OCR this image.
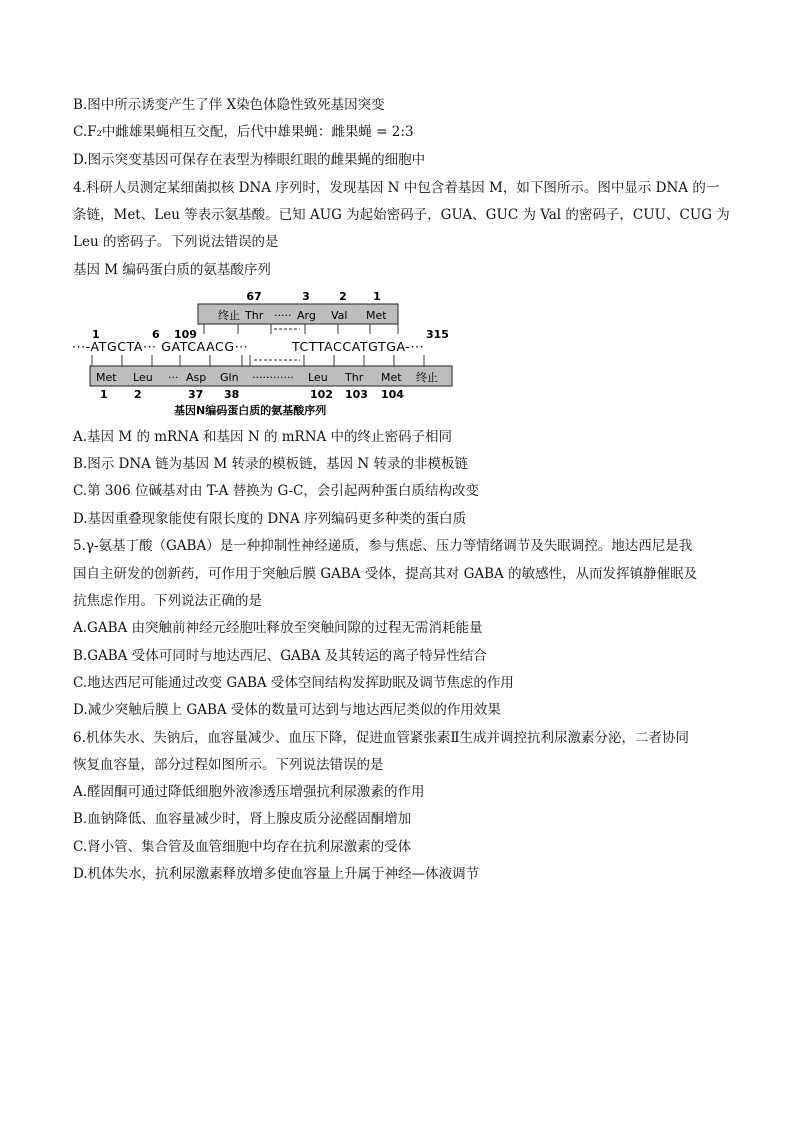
B.图中所示诱变产生了伴 X染色体隐性致死基因突变
C.F₂中雌雄果蝇相互交配，后代中雄果蝇：雌果蝇 = 2:3
D.图示突变基因可保存在表型为棒眼红眼的雌果蝇的细胞中
4.科研人员测定某细菌拟核 DNA 序列时，发现基因 N 中包含着基因 M，如下图所示。图中显示 DNA 的一
条链，Met、Leu 等表示氨基酸。已知 AUG 为起始密码子，GUA、GUC 为 Val 的密码子，CUU、CUG 为
Leu 的密码子。下列说法错误的是
基因 M 编码蛋白质的氨基酸序列
A.基因 M 的 mRNA 和基因 N 的 mRNA 中的终止密码子相同
B.图示 DNA 链为基因 M 转录的模板链，基因 N 转录的非模板链
C.第 306 位碱基对由 T-A 替换为 G-C，会引起两种蛋白质结构改变
D.基因重叠现象能使有限长度的 DNA 序列编码更多种类的蛋白质
5.γ-氨基丁酸（GABA）是一种抑制性神经递质，参与焦虑、压力等情绪调节及失眠调控。地达西尼是我
国自主研发的创新药，可作用于突触后膜 GABA 受体，提高其对 GABA 的敏感性，从而发挥镇静催眠及
抗焦虑作用。下列说法正确的是
A.GABA 由突触前神经元经胞吐释放至突触间隙的过程无需消耗能量
B.GABA 受体可同时与地达西尼、GABA 及其转运的离子特异性结合
C.地达西尼可能通过改变 GABA 受体空间结构发挥助眠及调节焦虑的作用
D.减少突触后膜上 GABA 受体的数量可达到与地达西尼类似的作用效果
6.机体失水、失钠后，血容量减少、血压下降，促进血管紧张素Ⅱ生成并调控抗利尿激素分泌，二者协同
恢复血容量，部分过程如图所示。下列说法错误的是
A.醛固酮可通过降低细胞外液渗透压增强抗利尿激素的作用
B.血钠降低、血容量减少时，肾上腺皮质分泌醛固酮增加
C.肾小管、集合管及血管细胞中均存在抗利尿激素的受体
D.机体失水，抗利尿激素释放增多使血容量上升属于神经—体液调节
67	3	2 1
终止 Thr ····· Arg Val Met
1	6 109	315
···-ATGCTA··· GATCAACG···	TCTTACCATGTGA-···
Met Leu ··· Asp Gln ············ Leu Thr Met 终止
1 2	37 38	102 103 104
基因N编码蛋白质的氨基酸序列
